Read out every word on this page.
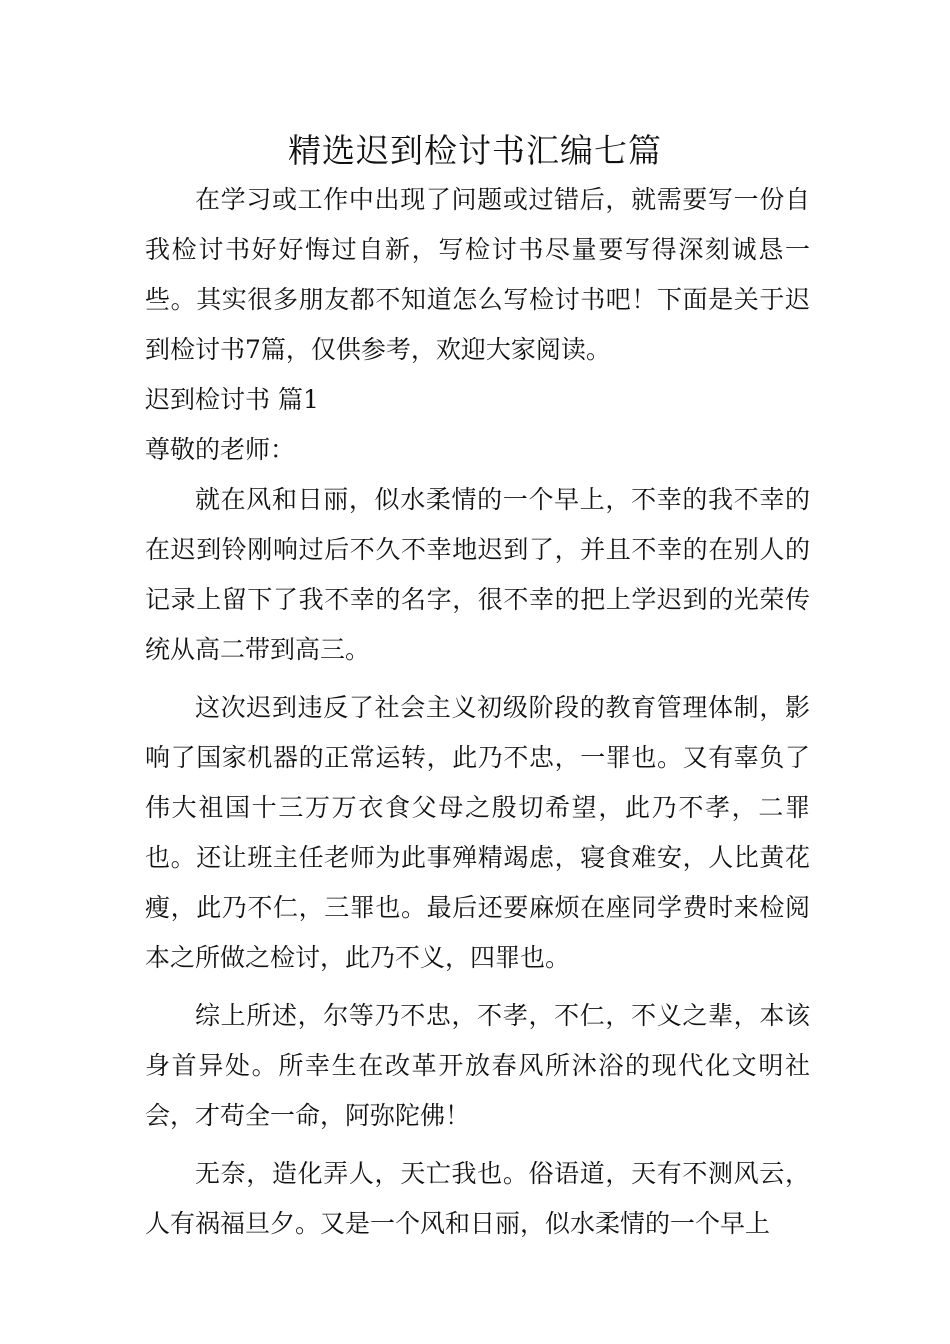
精选迟到检讨书汇编七篇

在学习或工作中出现了问题或过错后，就需要写一份自我检讨书好好悔过自新，写检讨书尽量要写得深刻诚恳一些。其实很多朋友都不知道怎么写检讨书吧！下面是关于迟到检讨书7篇，仅供参考，欢迎大家阅读。

迟到检讨书 篇1

尊敬的老师：

就在风和日丽，似水柔情的一个早上，不幸的我不幸的在迟到铃刚响过后不久不幸地迟到了，并且不幸的在别人的记录上留下了我不幸的名字，很不幸的把上学迟到的光荣传统从高二带到高三。

这次迟到违反了社会主义初级阶段的教育管理体制，影响了国家机器的正常运转，此乃不忠，一罪也。又有辜负了伟大祖国十三万万衣食父母之殷切希望，此乃不孝，二罪也。还让班主任老师为此事殚精竭虑，寝食难安，人比黄花瘦，此乃不仁，三罪也。最后还要麻烦在座同学费时来检阅本之所做之检讨，此乃不义，四罪也。

综上所述，尔等乃不忠，不孝，不仁，不义之辈，本该身首异处。所幸生在改革开放春风所沐浴的现代化文明社会，才苟全一命，阿弥陀佛！

无奈，造化弄人，天亡我也。俗语道，天有不测风云，人有祸福旦夕。又是一个风和日丽，似水柔情的一个早上
